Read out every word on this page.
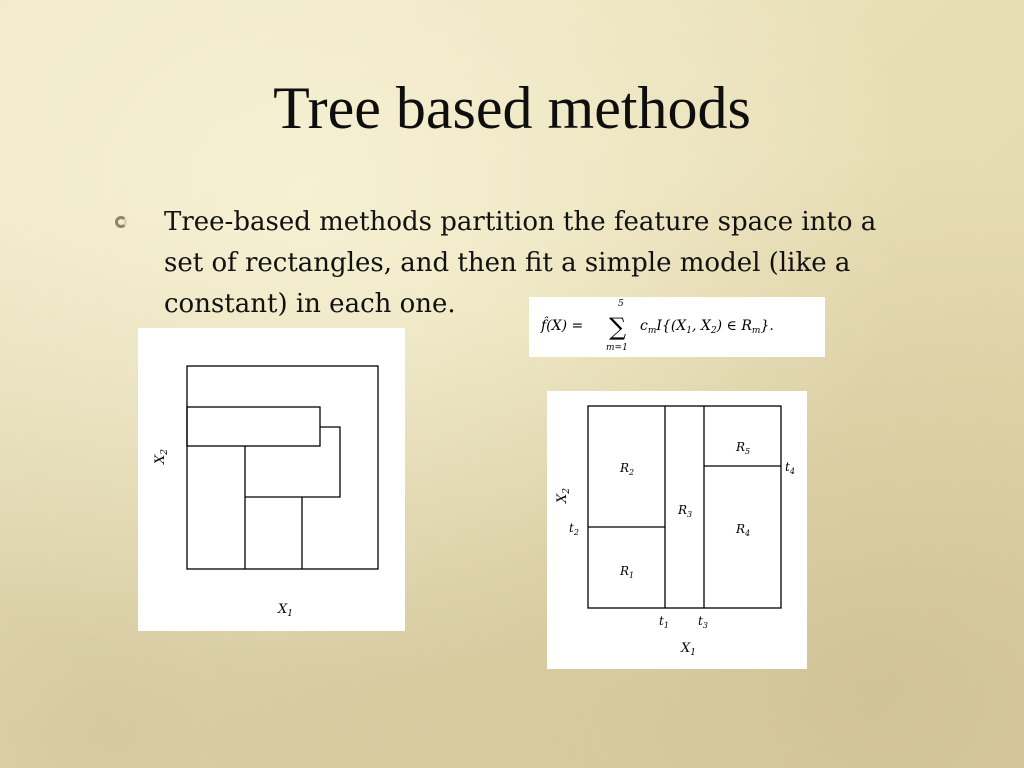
Tree based methods
Tree-based methods partition the feature space into a set of rectangles, and then fit a simple model (like a constant) in each one.
f̂(X) =
5
∑
m=1
$c_mI\{(X_1$, $X_2$) ∈ $R_m$}.
$X_2$
$X_1$
$R_1$
$R_2$
$R_3$
$R_4$
$R_5$
$t_1$
$t_2$
$t_3$
$t_4$
$X_2$
$X_1$
